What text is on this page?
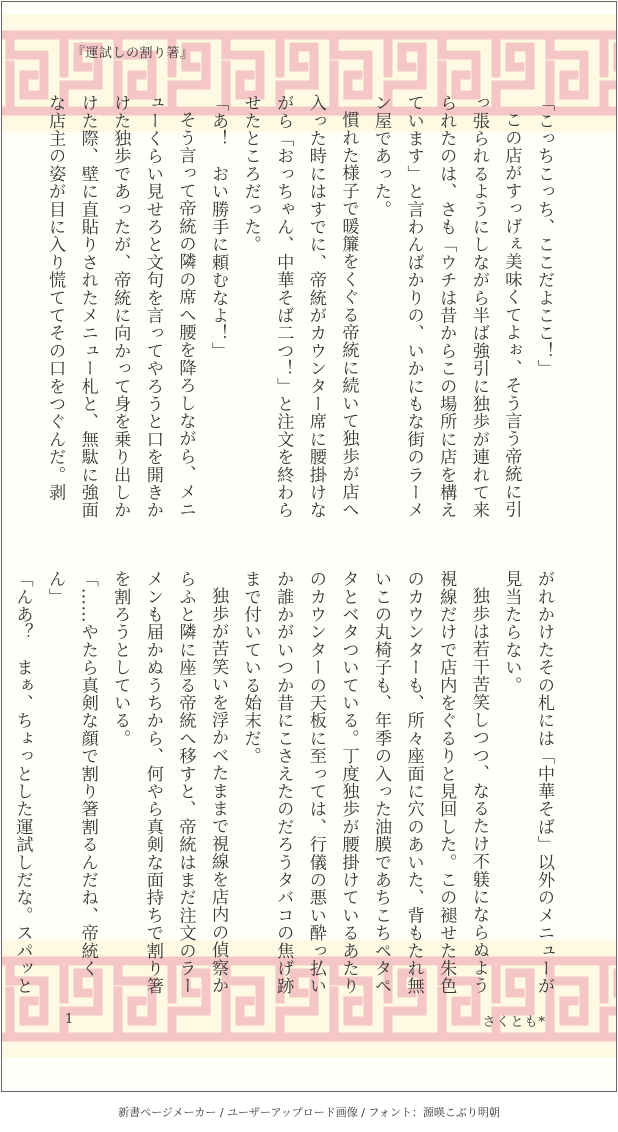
『運試しの割り箸』

「こっちこっち、ここだよここ！」

この店がすっげぇ美味くてよぉ、そう言う帝統に引っ張られるようにしながら半ば強引に独歩が連れて来られたのは、さも「ウチは昔からこの場所に店を構えています」と言わんばかりの、いかにもな街のラーメン屋であった。

慣れた様子で暖簾をくぐる帝統に続いて独歩が店へ入った時にはすでに、帝統がカウンター席に腰掛けながら「おっちゃん、中華そば二つ！」と注文を終わらせたところだった。

「あ！　おい勝手に頼むなよ！」

そう言って帝統の隣の席へ腰を降ろしながら、メニューくらい見せろと文句を言ってやろうと口を開きかけた独歩であったが、帝統に向かって身を乗り出しかけた際、壁に直貼りされたメニュー札と、無駄に強面な店主の姿が目に入り慌ててその口をつぐんだ。剥

がれかけたその札には「中華そば」以外のメニューが見当たらない。

独歩は若干苦笑しつつ、なるたけ不躾にならぬよう視線だけで店内をぐるりと見回した。この褪せた朱色のカウンターも、所々座面に穴のあいた、背もたれ無いこの丸椅子も、年季の入った油膜であちこちペタペタとベタついている。丁度独歩が腰掛けているあたりのカウンターの天板に至っては、行儀の悪い酔っ払いか誰かがいつか昔にこさえたのだろうタバコの焦げ跡まで付いている始末だ。

独歩が苦笑いを浮かべたままで視線を店内の偵察からふと隣に座る帝統へ移すと、帝統はまだ注文のラーメンも届かぬうちから、何やら真剣な面持ちで割り箸を割ろうとしている。

「……やたら真剣な顔で割り箸割るんだね、帝統くん」

「んあ？　まぁ、ちょっとした運試しだな。スパッと

1	さくとも*
新書ページメーカー / ユーザーアップロード画像 / フォント：源暎こぶり明朝
